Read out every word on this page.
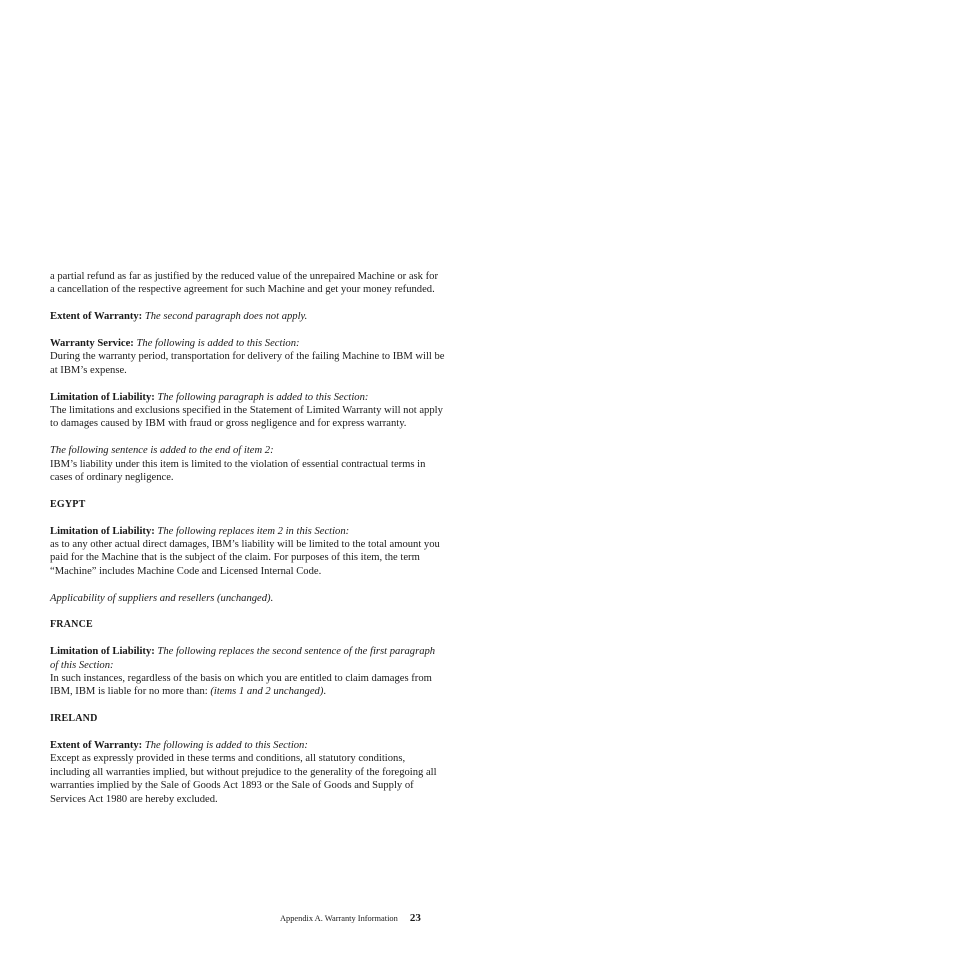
a partial refund as far as justified by the reduced value of the unrepaired Machine or ask for a cancellation of the respective agreement for such Machine and get your money refunded.

Extent of Warranty: The second paragraph does not apply.

Warranty Service: The following is added to this Section:
During the warranty period, transportation for delivery of the failing Machine to IBM will be at IBM’s expense.

Limitation of Liability: The following paragraph is added to this Section:
The limitations and exclusions specified in the Statement of Limited Warranty will not apply to damages caused by IBM with fraud or gross negligence and for express warranty.

The following sentence is added to the end of item 2:
IBM’s liability under this item is limited to the violation of essential contractual terms in cases of ordinary negligence.

EGYPT

Limitation of Liability: The following replaces item 2 in this Section:
as to any other actual direct damages, IBM’s liability will be limited to the total amount you paid for the Machine that is the subject of the claim. For purposes of this item, the term “Machine” includes Machine Code and Licensed Internal Code.

Applicability of suppliers and resellers (unchanged).

FRANCE

Limitation of Liability: The following replaces the second sentence of the first paragraph of this Section:
In such instances, regardless of the basis on which you are entitled to claim damages from IBM, IBM is liable for no more than: (items 1 and 2 unchanged).

IRELAND

Extent of Warranty: The following is added to this Section:
Except as expressly provided in these terms and conditions, all statutory conditions, including all warranties implied, but without prejudice to the generality of the foregoing all warranties implied by the Sale of Goods Act 1893 or the Sale of Goods and Supply of Services Act 1980 are hereby excluded.

Appendix A. Warranty Information 23
